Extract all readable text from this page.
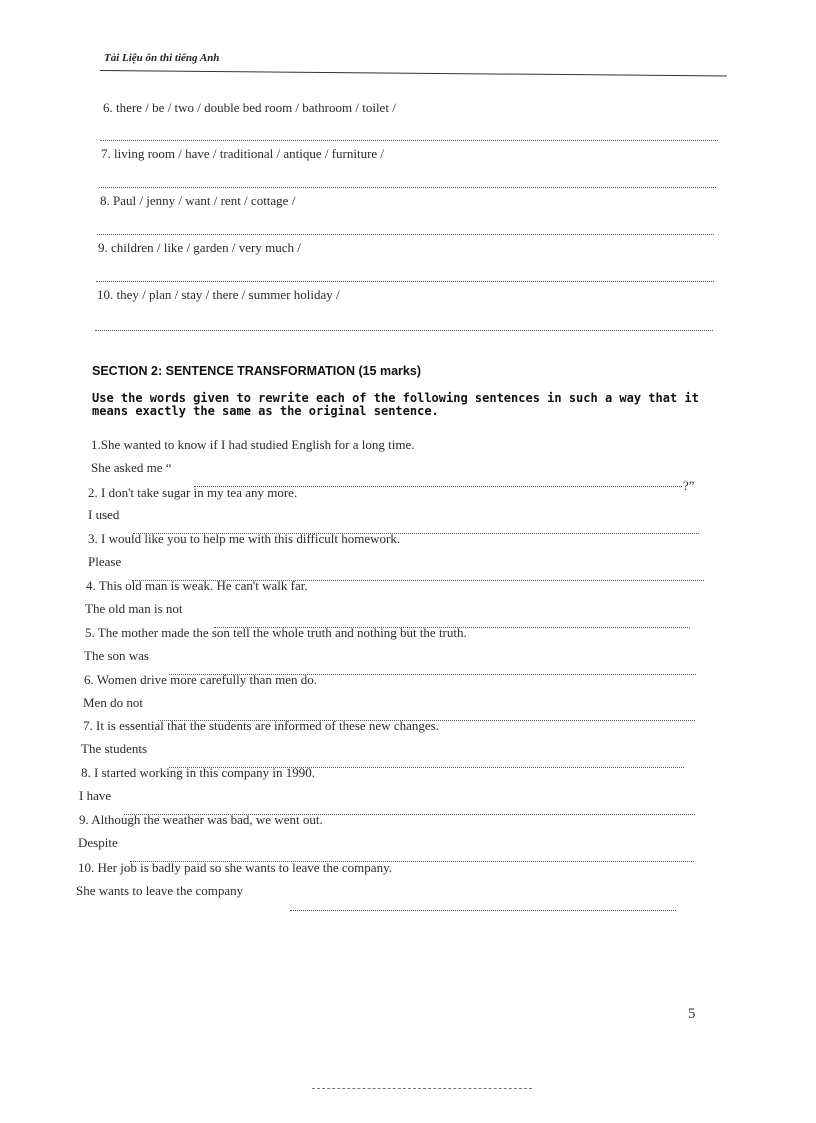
Tài Liệu ôn thi tiếng Anh
6. there / be / two / double bed room / bathroom / toilet /
7. living room / have / traditional / antique / furniture /
8. Paul / jenny / want / rent / cottage /
9. children / like / garden / very much /
10. they / plan / stay / there / summer holiday /
SECTION 2: SENTENCE TRANSFORMATION (15 marks)
Use the words given to rewrite each of the following sentences in such a way that it means exactly the same as the original sentence.
1.She wanted to know if I had studied English for a long time.
She asked me “
?”
2. I don't take sugar in my tea any more.
I used
3. I would like you to help me with this difficult homework.
Please
4. This old man is weak. He can't walk far.
The old man is not
5. The mother made the son tell the whole truth and nothing but the truth.
The son was
6. Women drive more carefully than men do.
Men do not
7. It is essential that the students are informed of these new changes.
The students
8. I started working in this company in 1990.
I have
9. Although the weather was bad, we went out.
Despite
10. Her job is badly paid so she wants to leave the company.
She wants to leave the company
5
